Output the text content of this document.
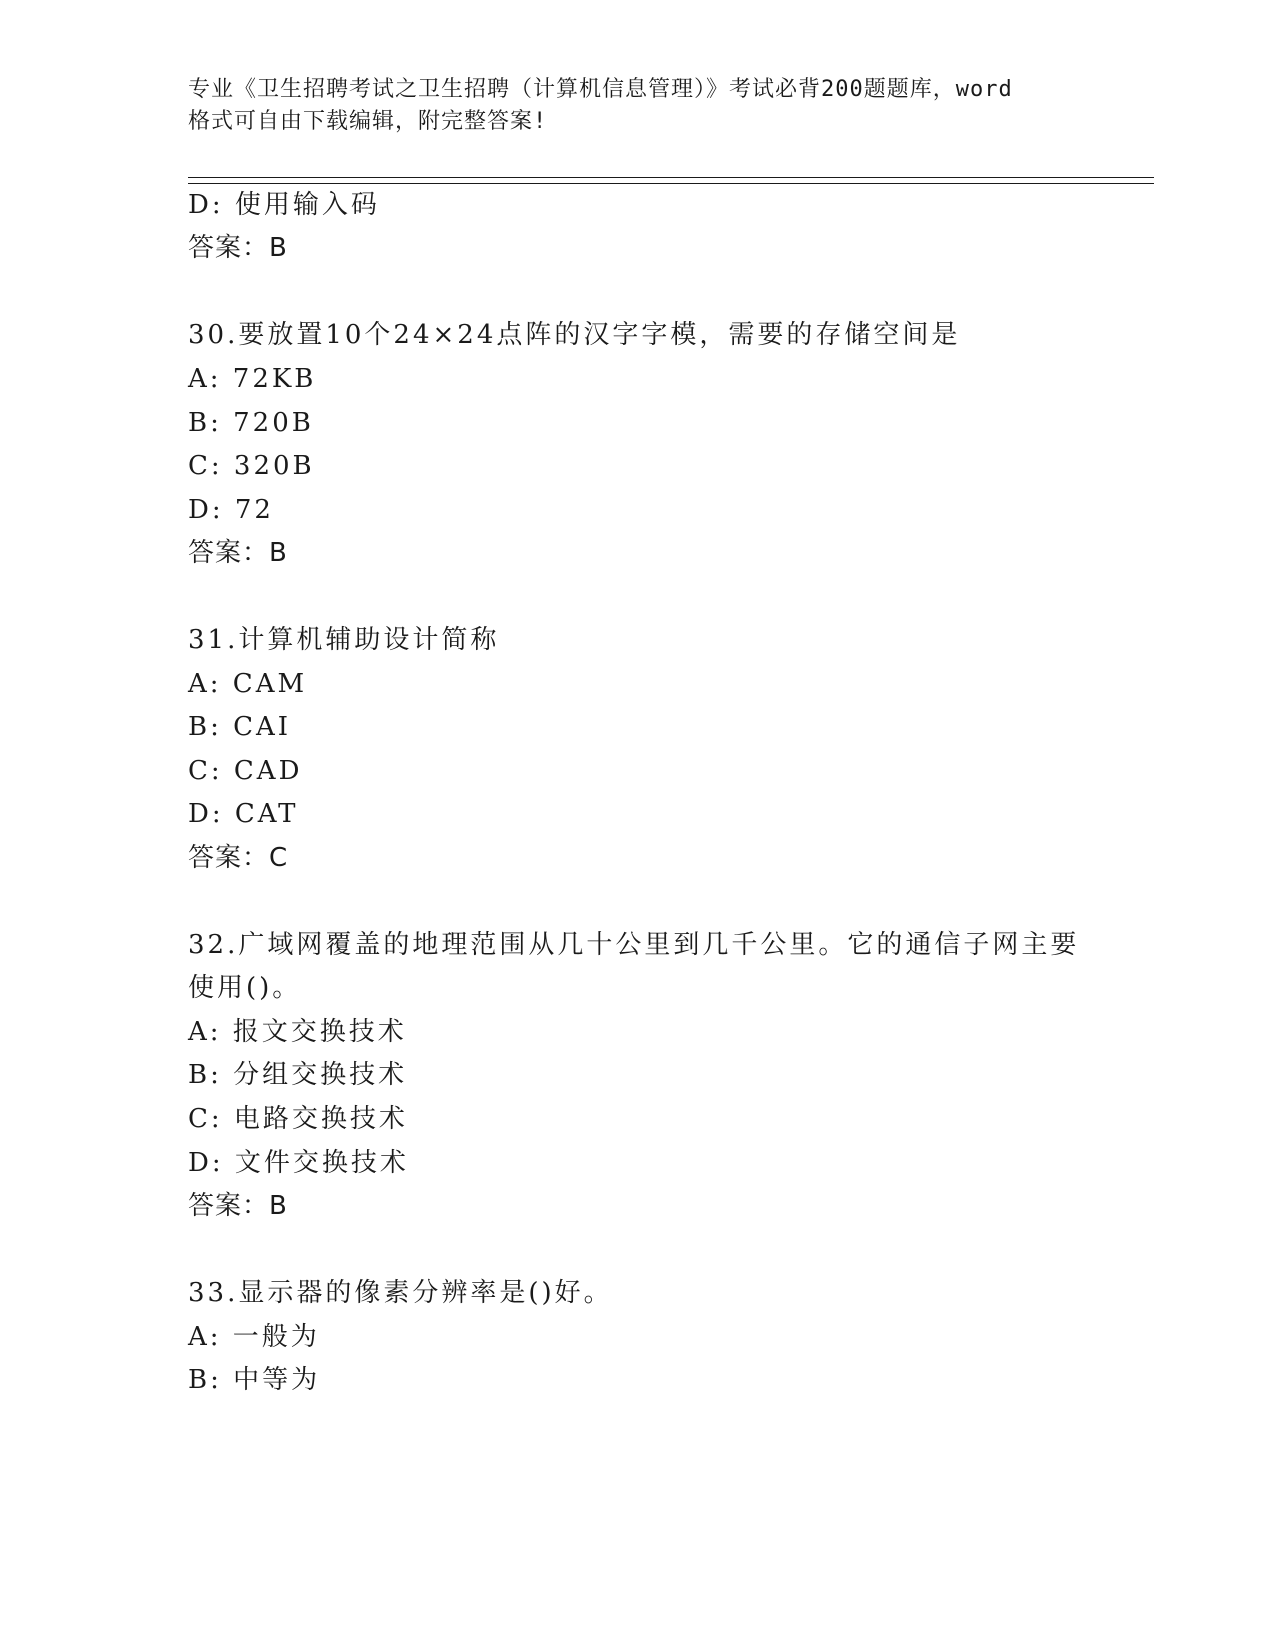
专业《卫生招聘考试之卫生招聘（计算机信息管理）》考试必背200题题库，word
格式可自由下载编辑，附完整答案!
D: 使用输入码
答案：B
30.要放置10个24×24点阵的汉字字模，需要的存储空间是
A: 72KB
B: 720B
C: 320B
D: 72
答案：B
31.计算机辅助设计简称
A: CAM
B: CAI
C: CAD
D: CAT
答案：C
32.广域网覆盖的地理范围从几十公里到几千公里。它的通信子网主要
使用()。
A: 报文交换技术
B: 分组交换技术
C: 电路交换技术
D: 文件交换技术
答案：B
33.显示器的像素分辨率是()好。
A: 一般为
B: 中等为
